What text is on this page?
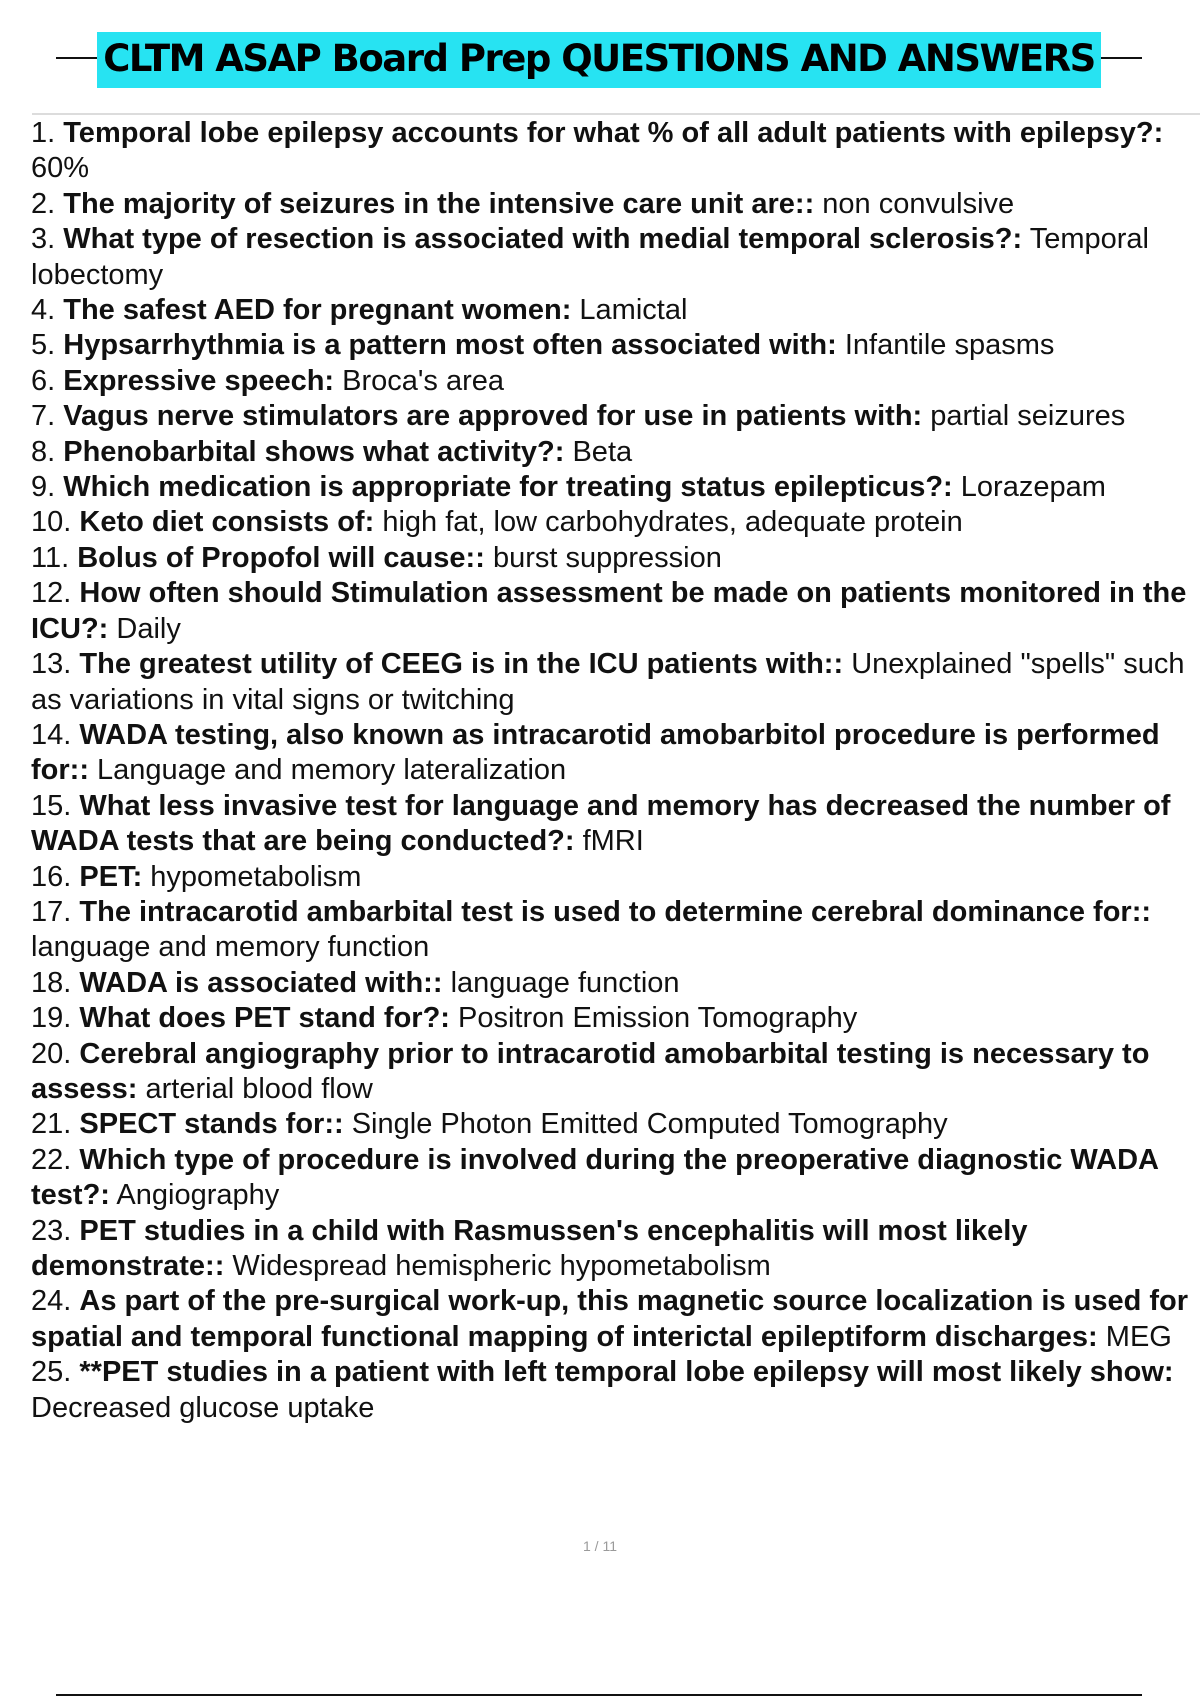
CLTM ASAP Board Prep QUESTIONS AND ANSWERS
1. Temporal lobe epilepsy accounts for what % of all adult patients with epilepsy?: 60%
2. The majority of seizures in the intensive care unit are:: non convulsive
3. What type of resection is associated with medial temporal sclerosis?: Temporal lobectomy
4. The safest AED for pregnant women: Lamictal
5. Hypsarrhythmia is a pattern most often associated with: Infantile spasms
6. Expressive speech: Broca's area
7. Vagus nerve stimulators are approved for use in patients with: partial seizures
8. Phenobarbital shows what activity?: Beta
9. Which medication is appropriate for treating status epilepticus?: Lorazepam
10. Keto diet consists of: high fat, low carbohydrates, adequate protein
11. Bolus of Propofol will cause:: burst suppression
12. How often should Stimulation assessment be made on patients monitored in the ICU?: Daily
13. The greatest utility of CEEG is in the ICU patients with:: Unexplained "spells" such as variations in vital signs or twitching
14. WADA testing, also known as intracarotid amobarbitol procedure is performed for:: Language and memory lateralization
15. What less invasive test for language and memory has decreased the number of WADA tests that are being conducted?: fMRI
16. PET: hypometabolism
17. The intracarotid ambarbital test is used to determine cerebral dominance for:: language and memory function
18. WADA is associated with:: language function
19. What does PET stand for?: Positron Emission Tomography
20. Cerebral angiography prior to intracarotid amobarbital testing is necessary to assess: arterial blood flow
21. SPECT stands for:: Single Photon Emitted Computed Tomography
22. Which type of procedure is involved during the preoperative diagnostic WADA test?: Angiography
23. PET studies in a child with Rasmussen's encephalitis will most likely demonstrate:: Widespread hemispheric hypometabolism
24. As part of the pre-surgical work-up, this magnetic source localization is used for spatial and temporal functional mapping of interictal epileptiform discharges: MEG
25. **PET studies in a patient with left temporal lobe epilepsy will most likely show: Decreased glucose uptake
1 / 11
